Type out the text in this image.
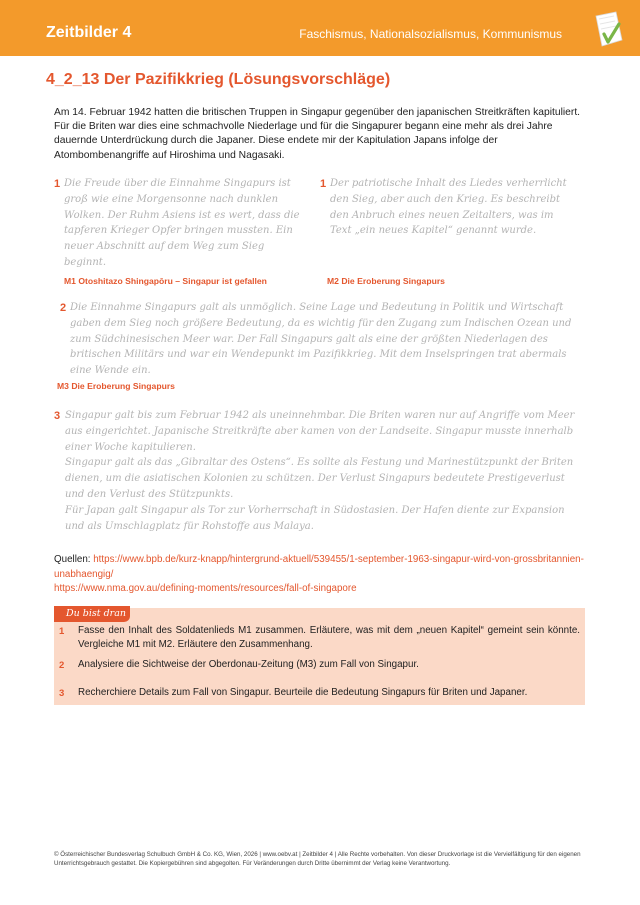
Zeitbilder 4	Faschismus, Nationalsozialismus, Kommunismus
4_2_13 Der Pazifikkrieg (Lösungsvorschläge)
Am 14. Februar 1942 hatten die britischen Truppen in Singapur gegenüber den japanischen Streitkräften kapituliert. Für die Briten war dies eine schmachvolle Niederlage und für die Singapurer begann eine mehr als drei Jahre dauernde Unterdrückung durch die Japaner. Diese endete mir der Kapitulation Japans infolge der Atombombenangriffe auf Hiroshima und Nagasaki.
1 Die Freude über die Einnahme Singapurs ist groß wie eine Morgensonne nach dunklen Wolken. Der Ruhm Asiens ist es wert, dass die tapferen Krieger Opfer bringen mussten. Ein neuer Abschnitt auf dem Weg zum Sieg beginnt.
M1 Otoshitazo Shingapōru – Singapur ist gefallen
1 Der patriotische Inhalt des Liedes verherrlicht den Sieg, aber auch den Krieg. Es beschreibt den Anbruch eines neuen Zeitalters, was im Text „ein neues Kapitel“ genannt wurde.
M2 Die Eroberung Singapurs
2 Die Einnahme Singapurs galt als unmöglich. Seine Lage und Bedeutung in Politik und Wirtschaft gaben dem Sieg noch größere Bedeutung, da es wichtig für den Zugang zum Indischen Ozean und zum Südchinesischen Meer war. Der Fall Singapurs galt als eine der größten Niederlagen des britischen Militärs und war ein Wendepunkt im Pazifikkrieg. Mit dem Inselspringen trat abermals eine Wende ein.
M3 Die Eroberung Singapurs
3 Singapur galt bis zum Februar 1942 als uneinnehmbar. Die Briten waren nur auf Angriffe vom Meer aus eingerichtet. Japanische Streitkräfte aber kamen von der Landseite. Singapur musste innerhalb einer Woche kapitulieren.
Singapur galt als das „Gibraltar des Ostens“. Es sollte als Festung und Marinestützpunkt der Briten dienen, um die asiatischen Kolonien zu schützen. Der Verlust Singapurs bedeutete Prestigeverlust und den Verlust des Stützpunkts.
Für Japan galt Singapur als Tor zur Vorherrschaft in Südostasien. Der Hafen diente zur Expansion und als Umschlagplatz für Rohstoffe aus Malaya.
Quellen: https://www.bpb.de/kurz-knapp/hintergrund-aktuell/539455/1-september-1963-singapur-wird-von-grossbritannien-unabhaengig/
https://www.nma.gov.au/defining-moments/resources/fall-of-singapore
1 Fasse den Inhalt des Soldatenlieds M1 zusammen. Erläutere, was mit dem „neuen Kapitel“ gemeint sein könnte. Vergleiche M1 mit M2. Erläutere den Zusammenhang.
2 Analysiere die Sichtweise der Oberdonau-Zeitung (M3) zum Fall von Singapur.
3 Recherchiere Details zum Fall von Singapur. Beurteile die Bedeutung Singapurs für Briten und Japaner.
Du bist dran
© Österreichischer Bundesverlag Schulbuch GmbH & Co. KG, Wien, 2026 | www.oebv.at | Zeitbilder 4 | Alle Rechte vorbehalten. Von dieser Druckvorlage ist die Vervielfältigung für den eigenen Unterrichtsgebrauch gestattet. Die Kopiergebühren sind abgegolten. Für Veränderungen durch Dritte übernimmt der Verlag keine Verantwortung.
